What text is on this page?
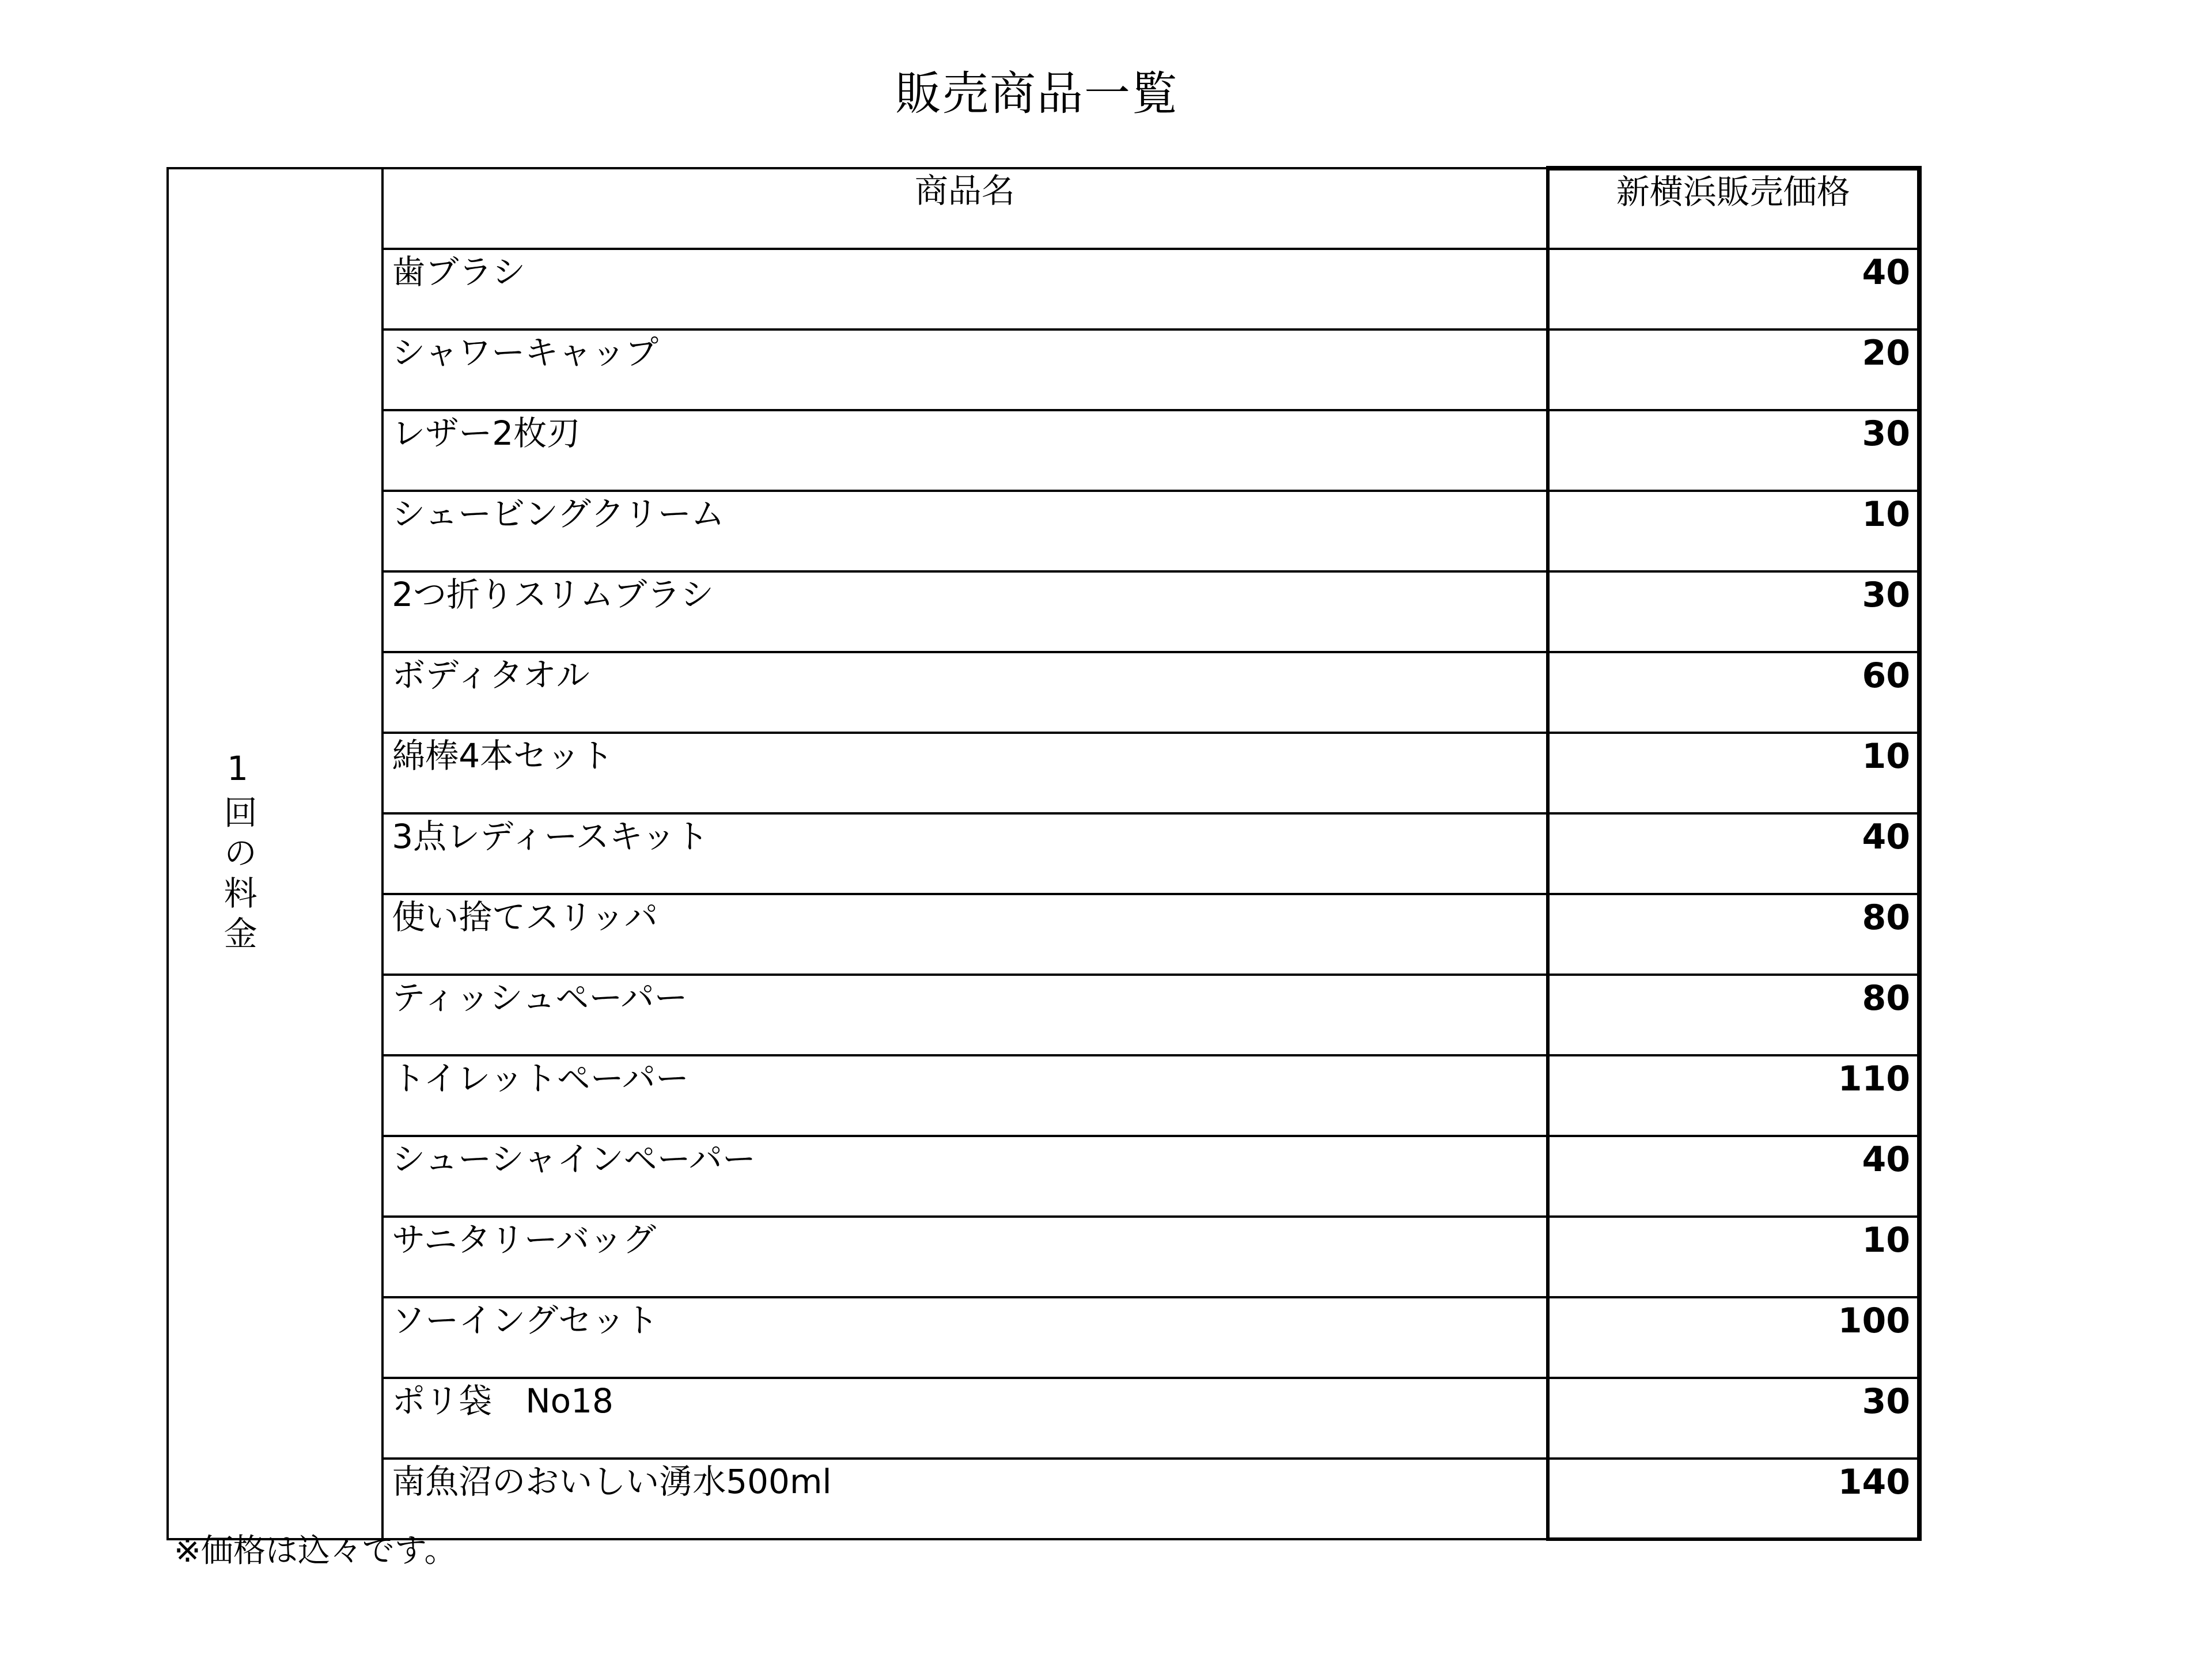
販売商品一覧
1回の料金	商品名	新横浜販売価格
	歯ブラシ	40
	シャワーキャップ	20
	レザー2枚刃	30
	シェービングクリーム	10
	2つ折りスリムブラシ	30
	ボディタオル	60
	綿棒4本セット	10
	3点レディースキット	40
	使い捨てスリッパ	80
	ティッシュペーパー	80
	トイレットペーパー	110
	シューシャインペーパー	40
	サニタリーバッグ	10
	ソーイングセット	100
	ポリ袋　No18	30
	南魚沼のおいしい湧水500ml	140
※価格は込々です。
